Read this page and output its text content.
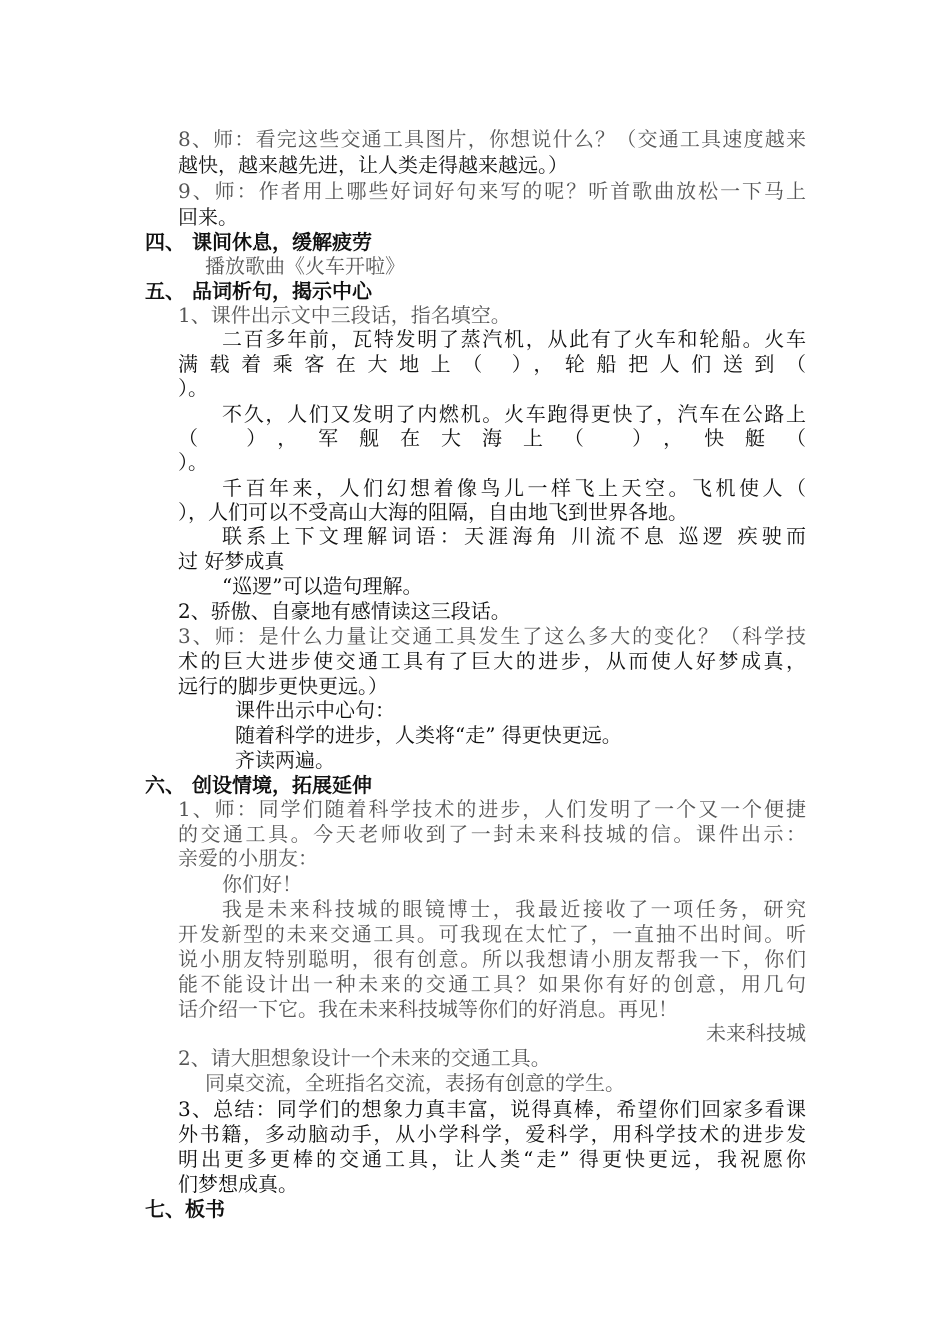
8、师：看完这些交通工具图片，你想说什么？（交通工具速度越来
越快，越来越先进，让人类走得越来越远。）
9、师：作者用上哪些好词好句来写的呢？听首歌曲放松一下马上
回来。
四、 课间休息，缓解疲劳
播放歌曲《火车开啦》
五、 品词析句，揭示中心
1、课件出示文中三段话，指名填空。
二百多年前，瓦特发明了蒸汽机，从此有了火车和轮船。火车
满载着乘客在大地上（ ），轮船把人们送到（
）。
不久，人们又发明了内燃机。火车跑得更快了，汽车在公路上
（ ），军舰在大海上（ ），快艇（
）。
千百年来，人们幻想着像鸟儿一样飞上天空。飞机使人（
），人们可以不受高山大海的阻隔，自由地飞到世界各地。
联系上下文理解词语：天涯海角 川流不息 巡逻 疾驶而
过 好梦成真
“巡逻”可以造句理解。
2、骄傲、自豪地有感情读这三段话。
3、师：是什么力量让交通工具发生了这么多大的变化？（科学技
术的巨大进步使交通工具有了巨大的进步，从而使人好梦成真，
远行的脚步更快更远。）
课件出示中心句：
随着科学的进步，人类将“走” 得更快更远。
齐读两遍。
六、 创设情境，拓展延伸
1、师：同学们随着科学技术的进步，人们发明了一个又一个便捷
的交通工具。今天老师收到了一封未来科技城的信。课件出示：
亲爱的小朋友：
你们好！
我是未来科技城的眼镜博士，我最近接收了一项任务，研究
开发新型的未来交通工具。可我现在太忙了，一直抽不出时间。听
说小朋友特别聪明，很有创意。所以我想请小朋友帮我一下，你们
能不能设计出一种未来的交通工具？如果你有好的创意，用几句
话介绍一下它。我在未来科技城等你们的好消息。再见！
未来科技城
2、请大胆想象设计一个未来的交通工具。
同桌交流，全班指名交流，表扬有创意的学生。
3、总结：同学们的想象力真丰富，说得真棒，希望你们回家多看课
外书籍，多动脑动手，从小学科学，爱科学，用科学技术的进步发
明出更多更棒的交通工具，让人类“走” 得更快更远，我祝愿你
们梦想成真。
七、板书
